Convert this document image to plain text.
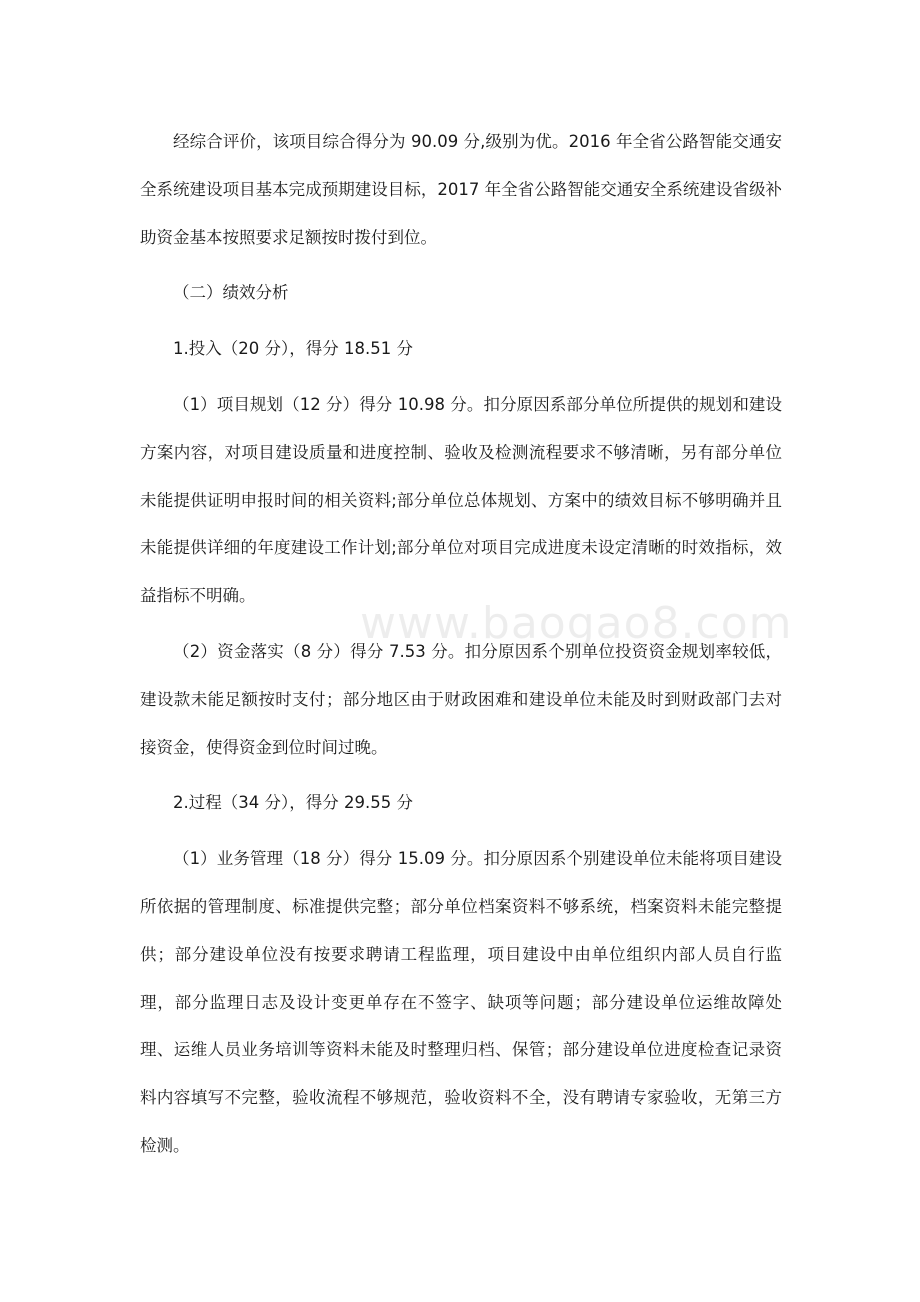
经综合评价，该项目综合得分为 90.09 分,级别为优。2016 年全省公路智能交通安全系统建设项目基本完成预期建设目标，2017 年全省公路智能交通安全系统建设省级补助资金基本按照要求足额按时拨付到位。

（二）绩效分析

1.投入（20 分），得分 18.51 分

（1）项目规划（12 分）得分 10.98 分。扣分原因系部分单位所提供的规划和建设方案内容，对项目建设质量和进度控制、验收及检测流程要求不够清晰，另有部分单位未能提供证明申报时间的相关资料;部分单位总体规划、方案中的绩效目标不够明确并且未能提供详细的年度建设工作计划;部分单位对项目完成进度未设定清晰的时效指标，效益指标不明确。

（2）资金落实（8 分）得分 7.53 分。扣分原因系个别单位投资资金规划率较低，建设款未能足额按时支付；部分地区由于财政困难和建设单位未能及时到财政部门去对接资金，使得资金到位时间过晚。

2.过程（34 分），得分 29.55 分

（1）业务管理（18 分）得分 15.09 分。扣分原因系个别建设单位未能将项目建设所依据的管理制度、标准提供完整；部分单位档案资料不够系统，档案资料未能完整提供；部分建设单位没有按要求聘请工程监理，项目建设中由单位组织内部人员自行监理，部分监理日志及设计变更单存在不签字、缺项等问题；部分建设单位运维故障处理、运维人员业务培训等资料未能及时整理归档、保管；部分建设单位进度检查记录资料内容填写不完整，验收流程不够规范，验收资料不全，没有聘请专家验收，无第三方检测。

www.baogao8.com
